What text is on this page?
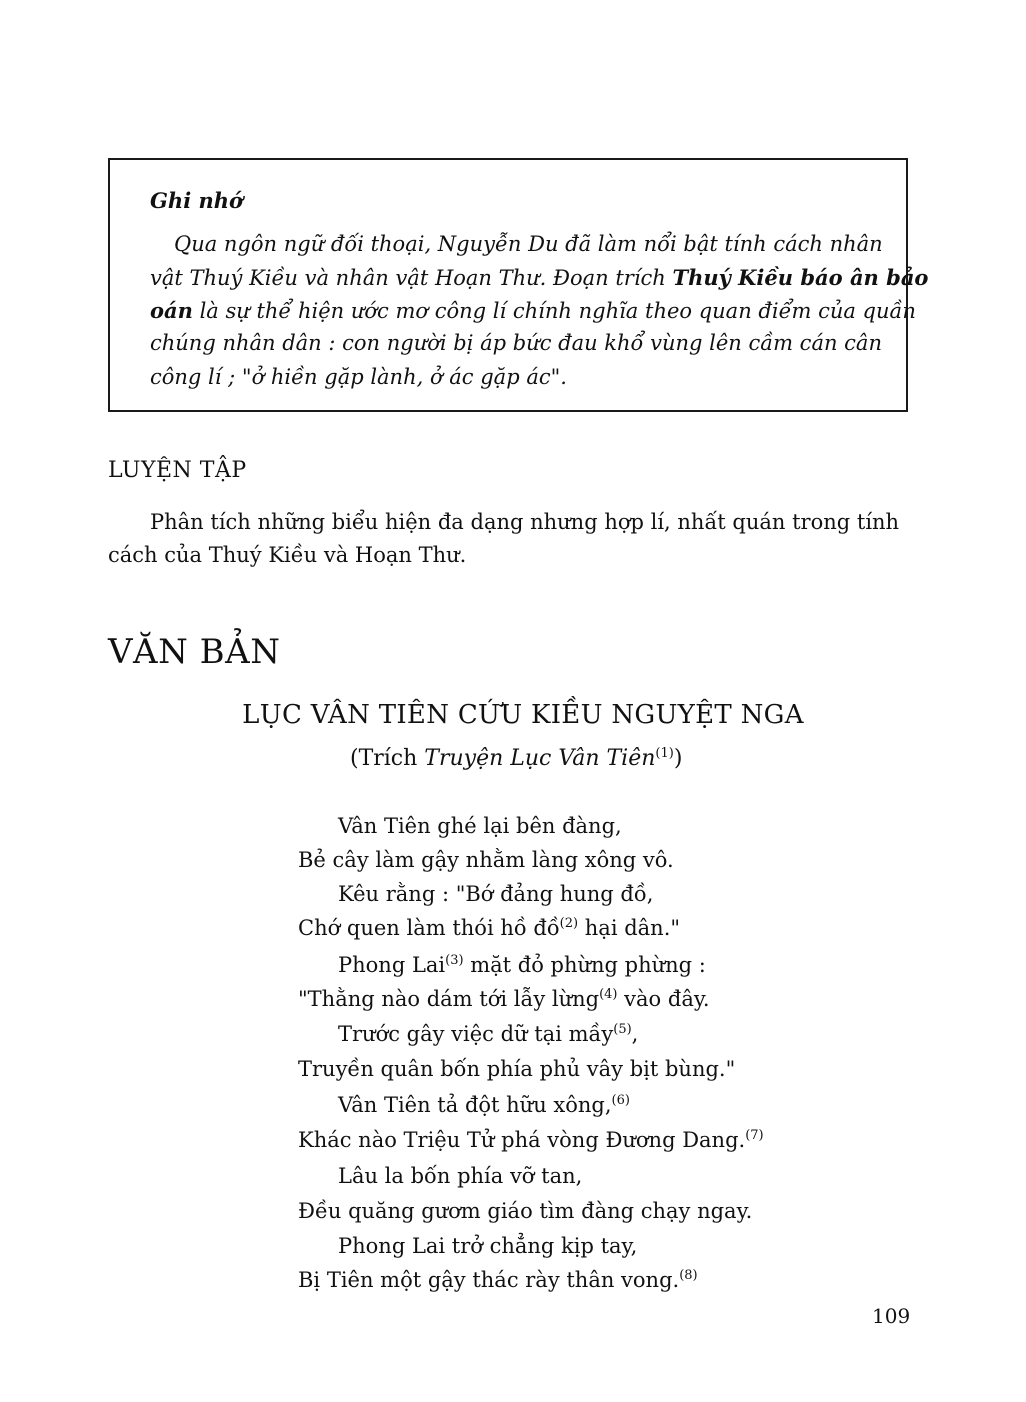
Ghi nhớ
Qua ngôn ngữ đối thoại, Nguyễn Du đã làm nổi bật tính cách nhân
vật Thuý Kiều và nhân vật Hoạn Thư. Đoạn trích Thuý Kiều báo ân bảo
oán là sự thể hiện ước mơ công lí chính nghĩa theo quan điểm của quần
chúng nhân dân : con người bị áp bức đau khổ vùng lên cầm cán cân
công lí ; "ở hiền gặp lành, ở ác gặp ác".
LUYỆN TẬP
Phân tích những biểu hiện đa dạng nhưng hợp lí, nhất quán trong tính cách của Thuý Kiều và Hoạn Thư.
VĂN BẢN
LỤC VÂN TIÊN CỨU KIỀU NGUYỆT NGA
(Trích Truyện Lục Vân Tiên$^{(1)}$)
Vân Tiên ghé lại bên đàng,
Bẻ cây làm gậy nhằm làng xông vô.
Kêu rằng : "Bớ đảng hung đồ,
Chớ quen làm thói hồ đồ$^{(2)}$ hại dân."
Phong Lai$^{(3)}$ mặt đỏ phừng phừng :
"Thằng nào dám tới lẫy lừng$^{(4)}$ vào đây.
Trước gây việc dữ tại mầy$^{(5)}$,
Truyền quân bốn phía phủ vây bịt bùng."
Vân Tiên tả đột hữu xông,$^{(6)}$
Khác nào Triệu Tử phá vòng Đương Dang.$^{(7)}$
Lâu la bốn phía vỡ tan,
Đều quăng gươm giáo tìm đàng chạy ngay.
Phong Lai trở chẳng kịp tay,
Bị Tiên một gậy thác rày thân vong.$^{(8)}$
109
